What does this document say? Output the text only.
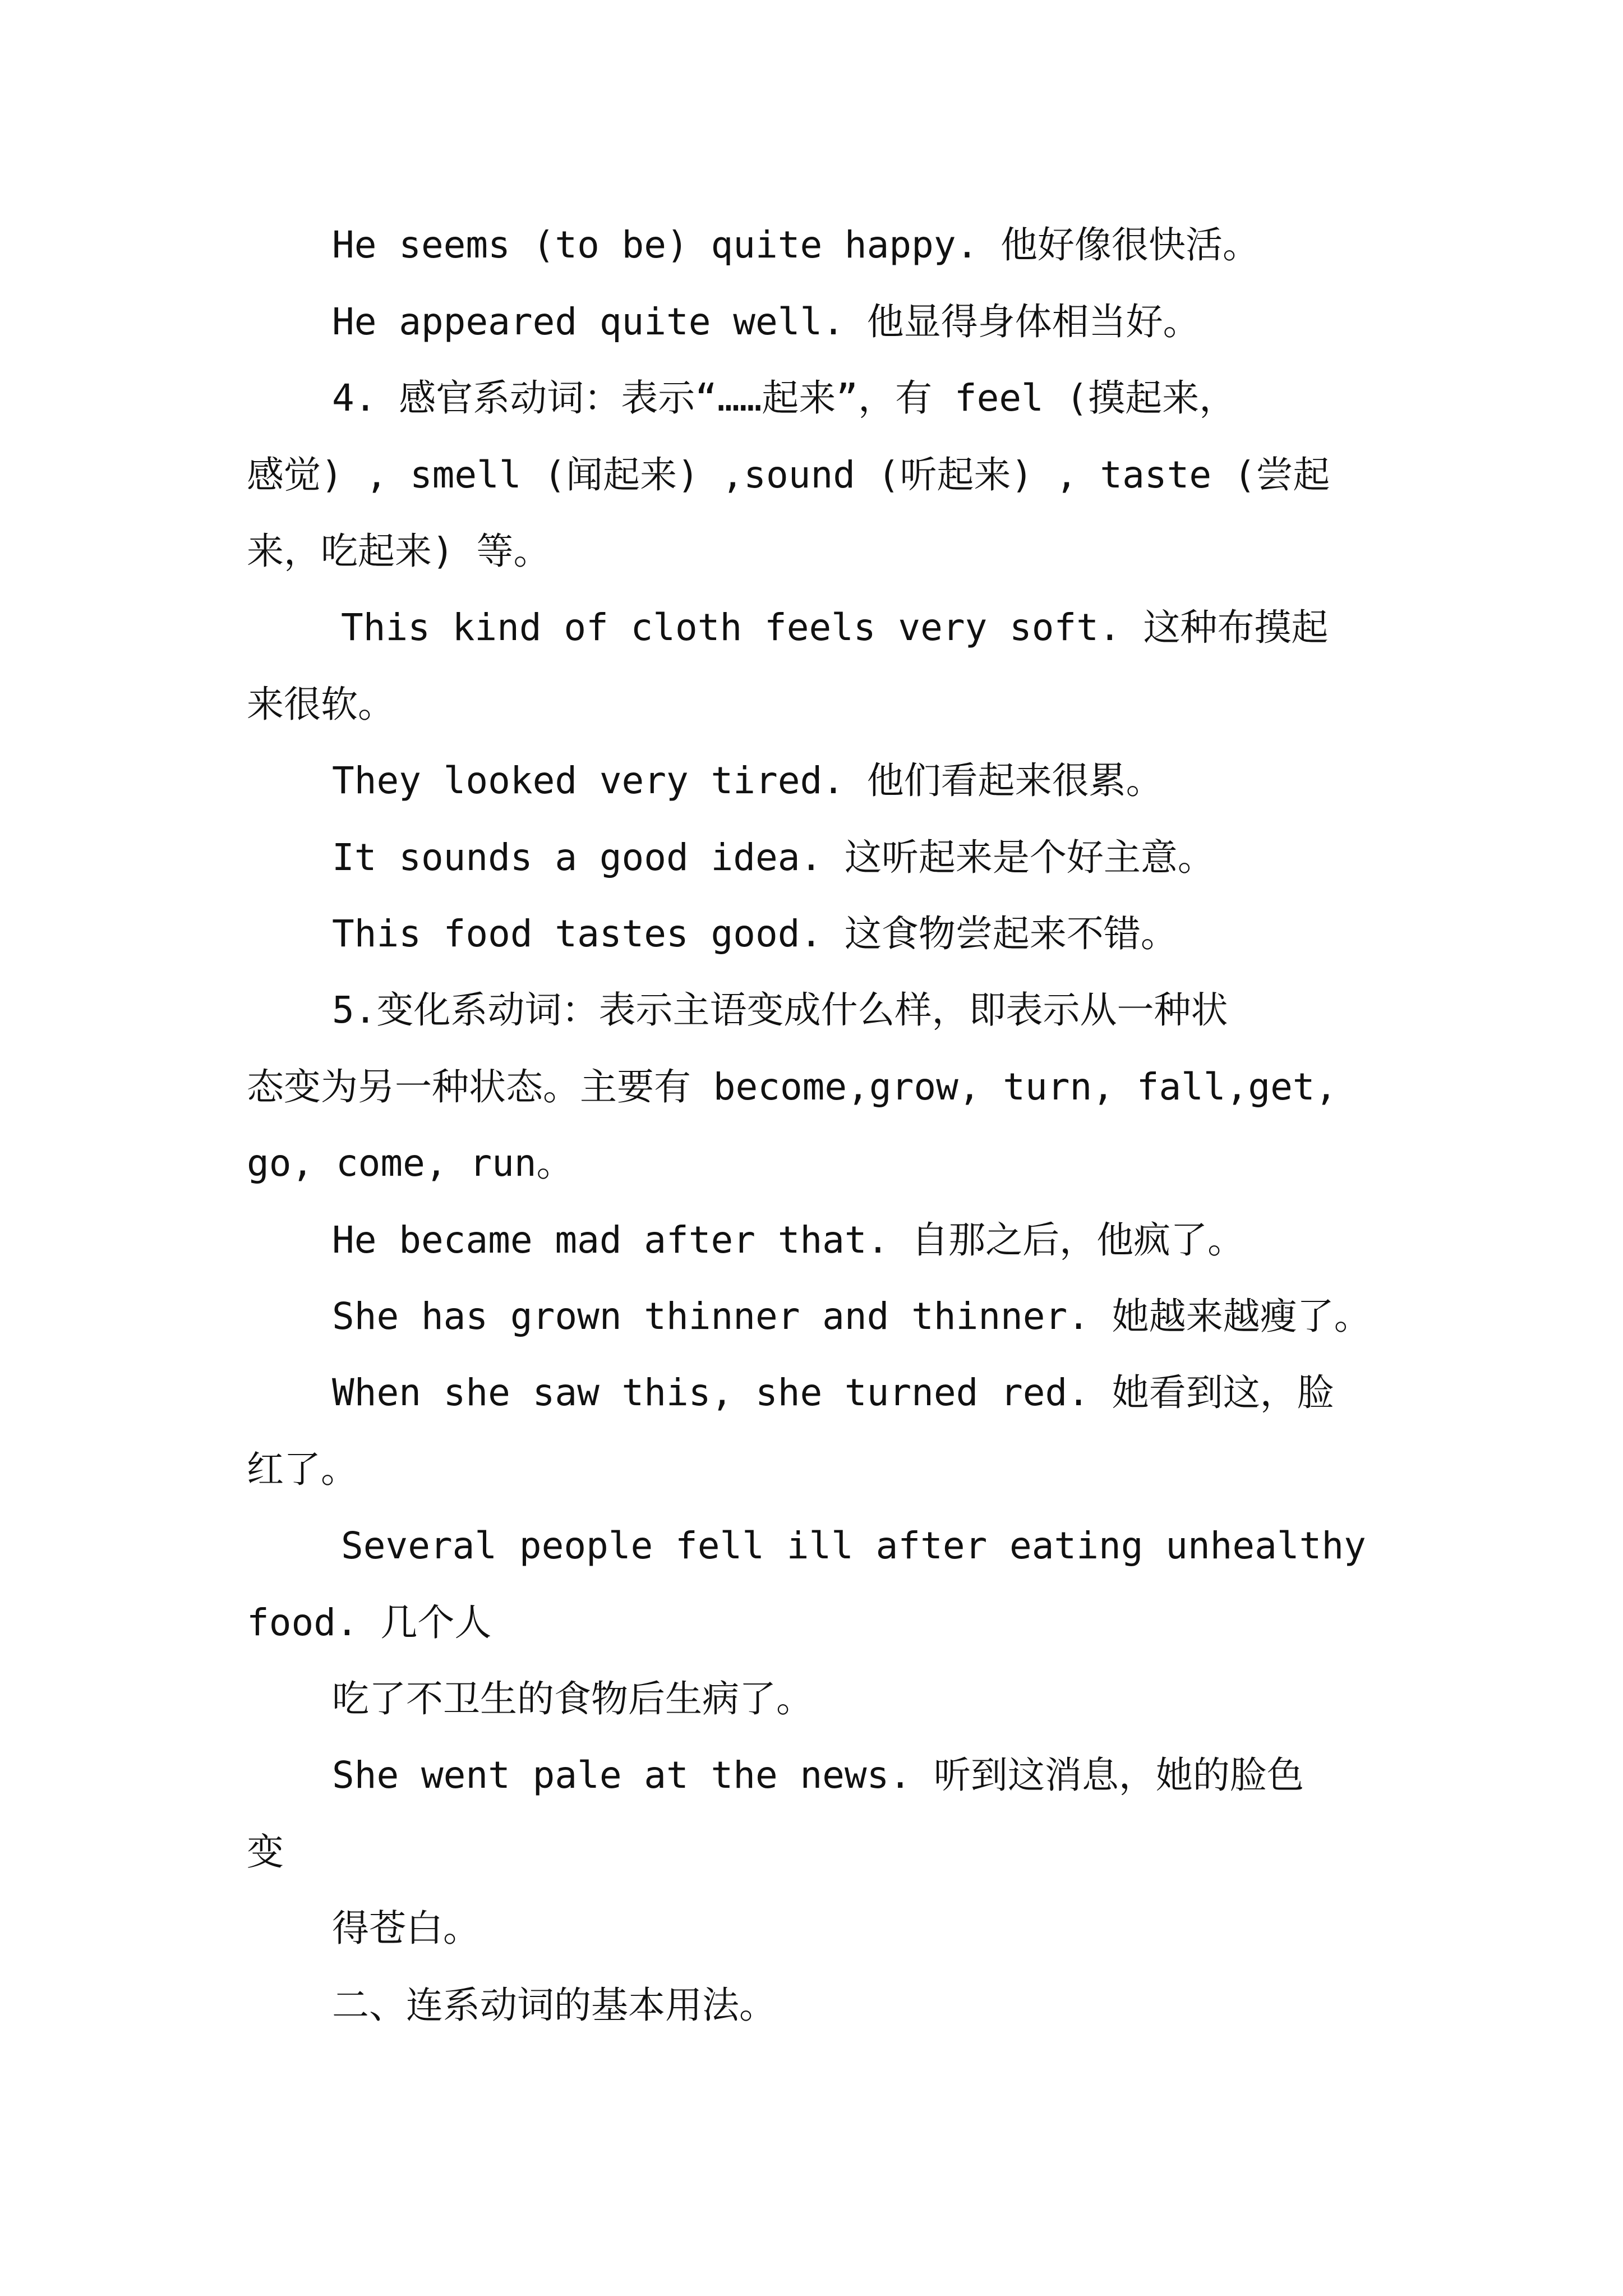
He seems (to be) quite happy. 他好像很快活。
He appeared quite well. 他显得身体相当好。
4. 感官系动词：表示“……起来”，有 feel (摸起来，
感觉) , smell (闻起来) ,sound (听起来) , taste (尝起
来，吃起来) 等。
This kind of cloth feels very soft. 这种布摸起
来很软。
They looked very tired. 他们看起来很累。
It sounds a good idea. 这听起来是个好主意。
This food tastes good. 这食物尝起来不错。
5.变化系动词：表示主语变成什么样，即表示从一种状
态变为另一种状态。主要有 become,grow, turn, fall,get,
go, come, run。
He became mad after that. 自那之后，他疯了。
She has grown thinner and thinner. 她越来越瘦了。
When she saw this, she turned red. 她看到这，脸
红了。
Several people fell ill after eating unhealthy
food. 几个人
吃了不卫生的食物后生病了。
She went pale at the news. 听到这消息，她的脸色
变
得苍白。
二、连系动词的基本用法。
